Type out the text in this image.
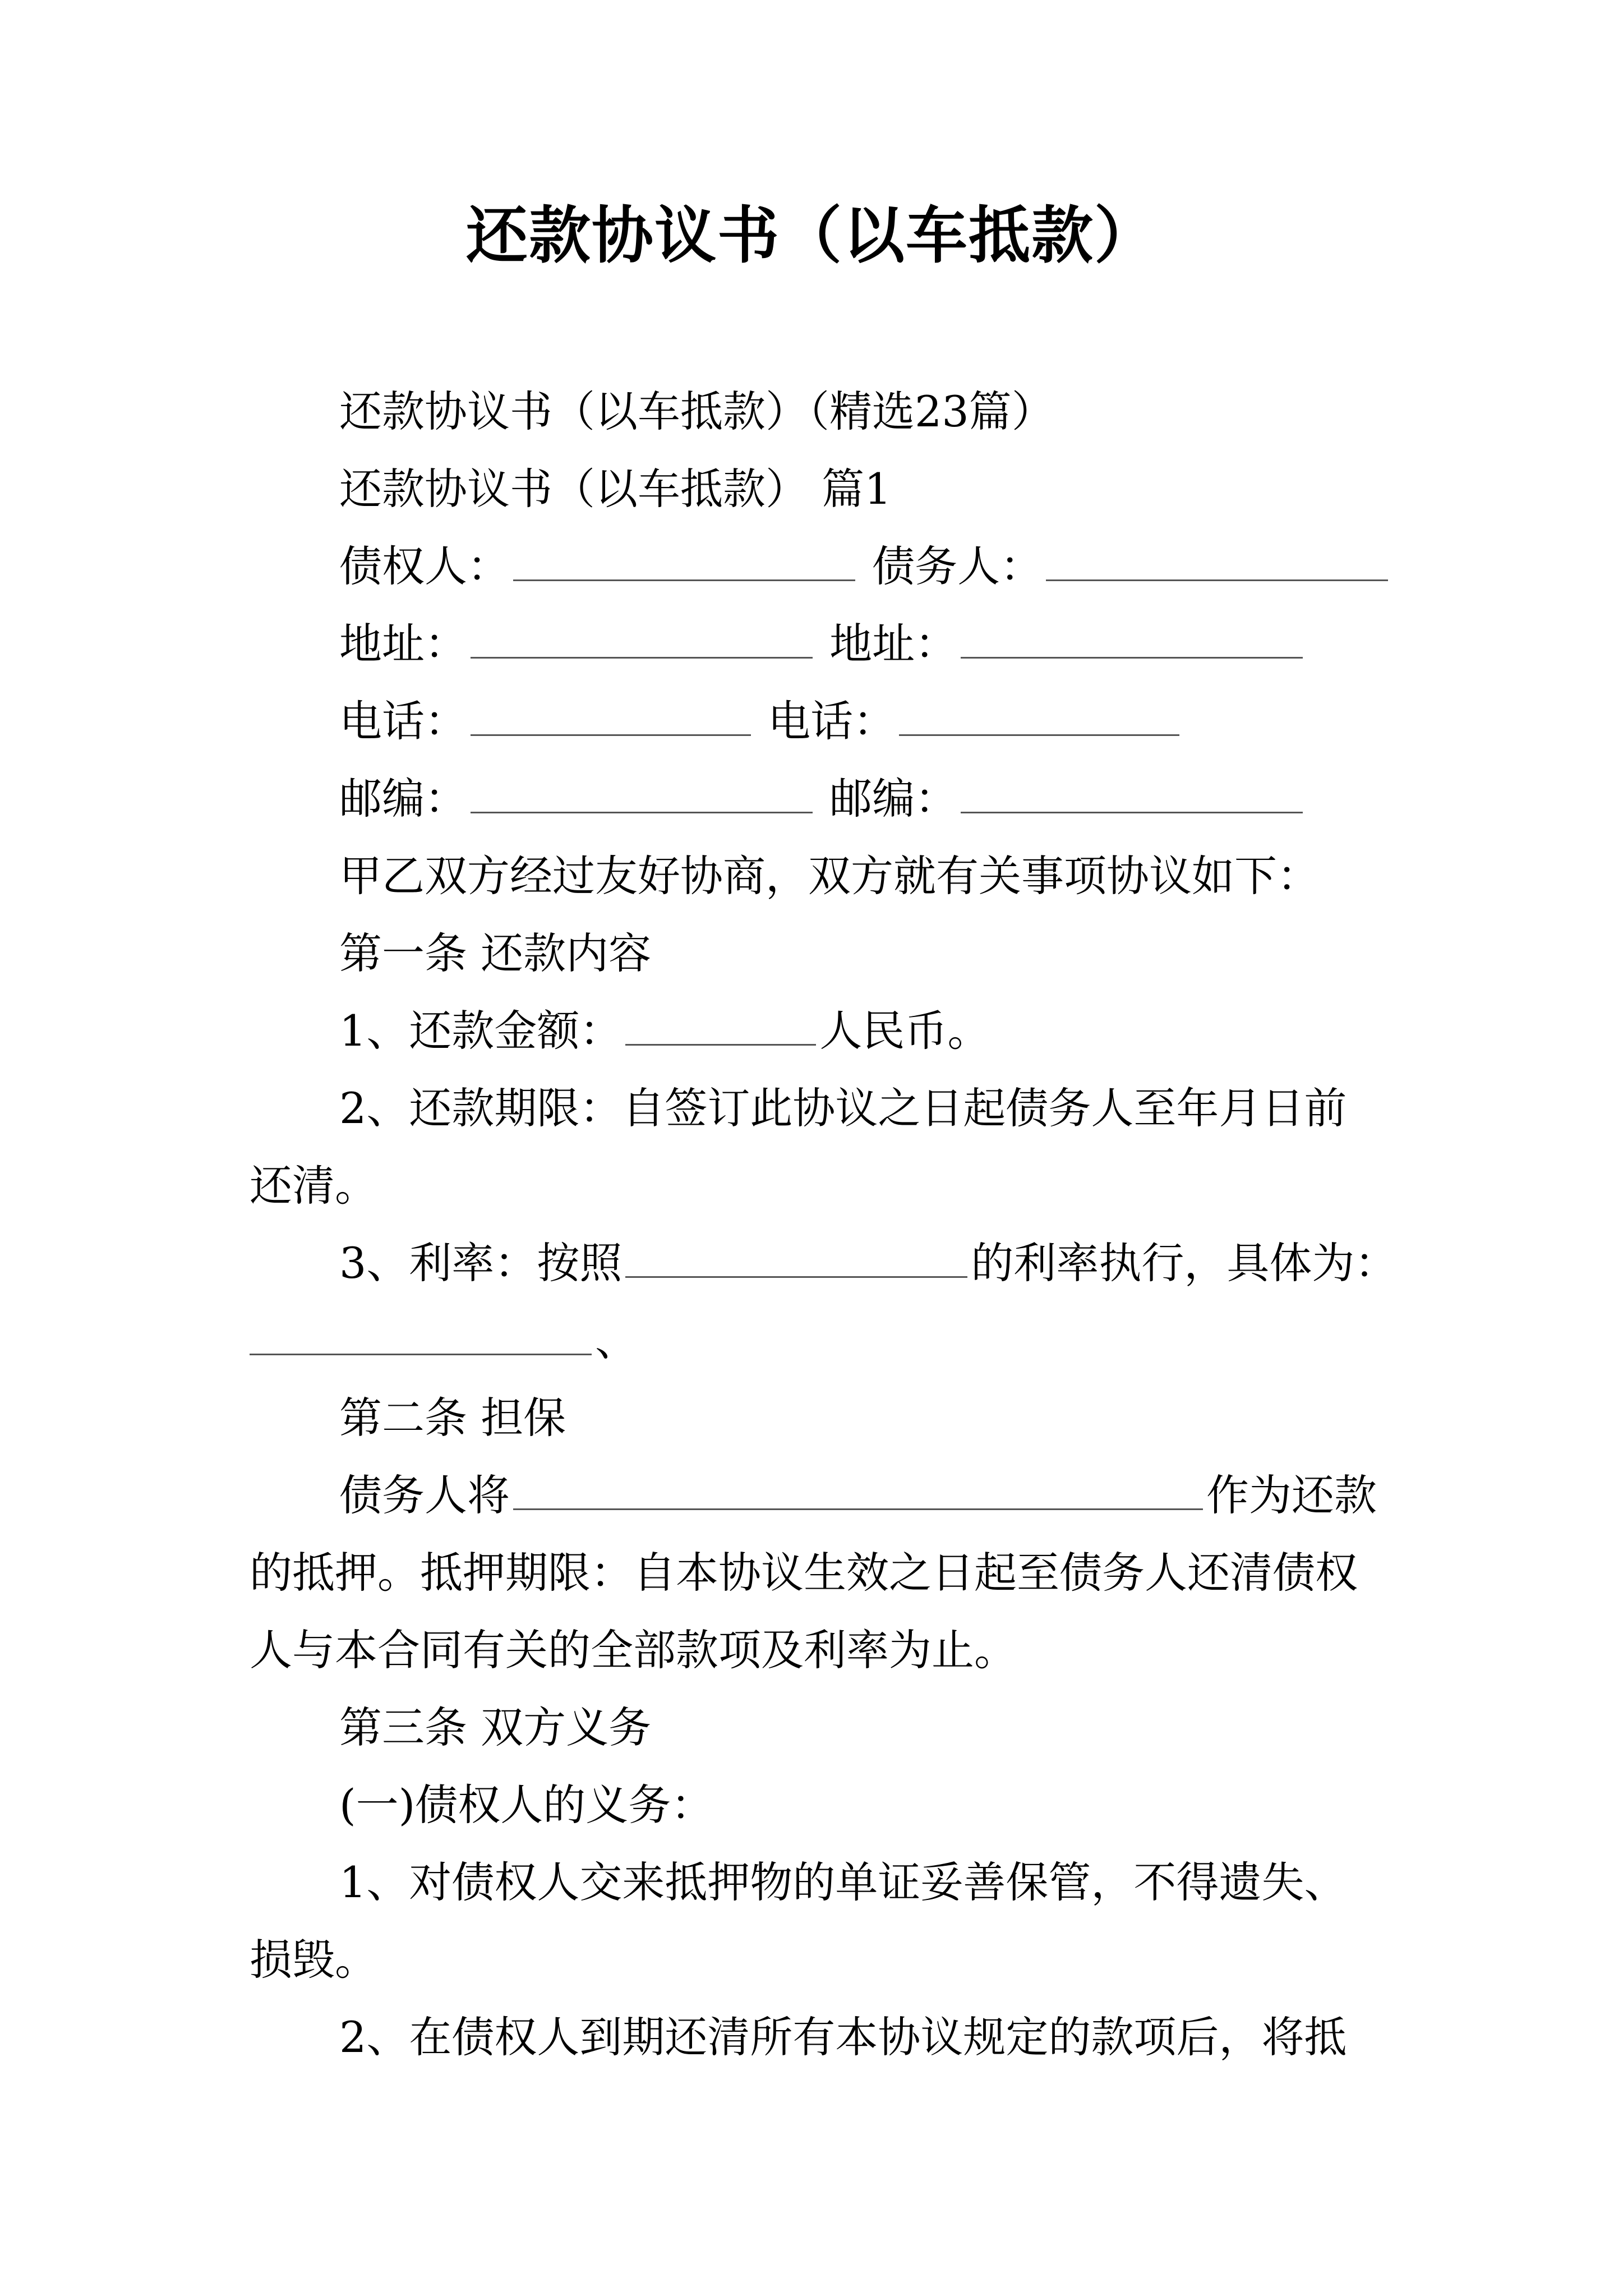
还款协议书（以车抵款）

还款协议书（以车抵款）（精选23篇）

还款协议书（以车抵款） 篇1

债权人：	债务人：

地址：	地址：

电话：	电话：

邮编：	邮编：

甲乙双方经过友好协商，双方就有关事项协议如下：

第一条 还款内容

1、还款金额：	人民币。

2、还款期限：自签订此协议之日起债务人至年月日前

还清。

3、利率：按照	的利率执行，具体为：

、

第二条 担保

债务人将	作为还款

的抵押。抵押期限：自本协议生效之日起至债务人还清债权

人与本合同有关的全部款项及利率为止。

第三条 双方义务

(一)债权人的义务：

1、对债权人交来抵押物的单证妥善保管，不得遗失、

损毁。

2、在债权人到期还清所有本协议规定的款项后，将抵
